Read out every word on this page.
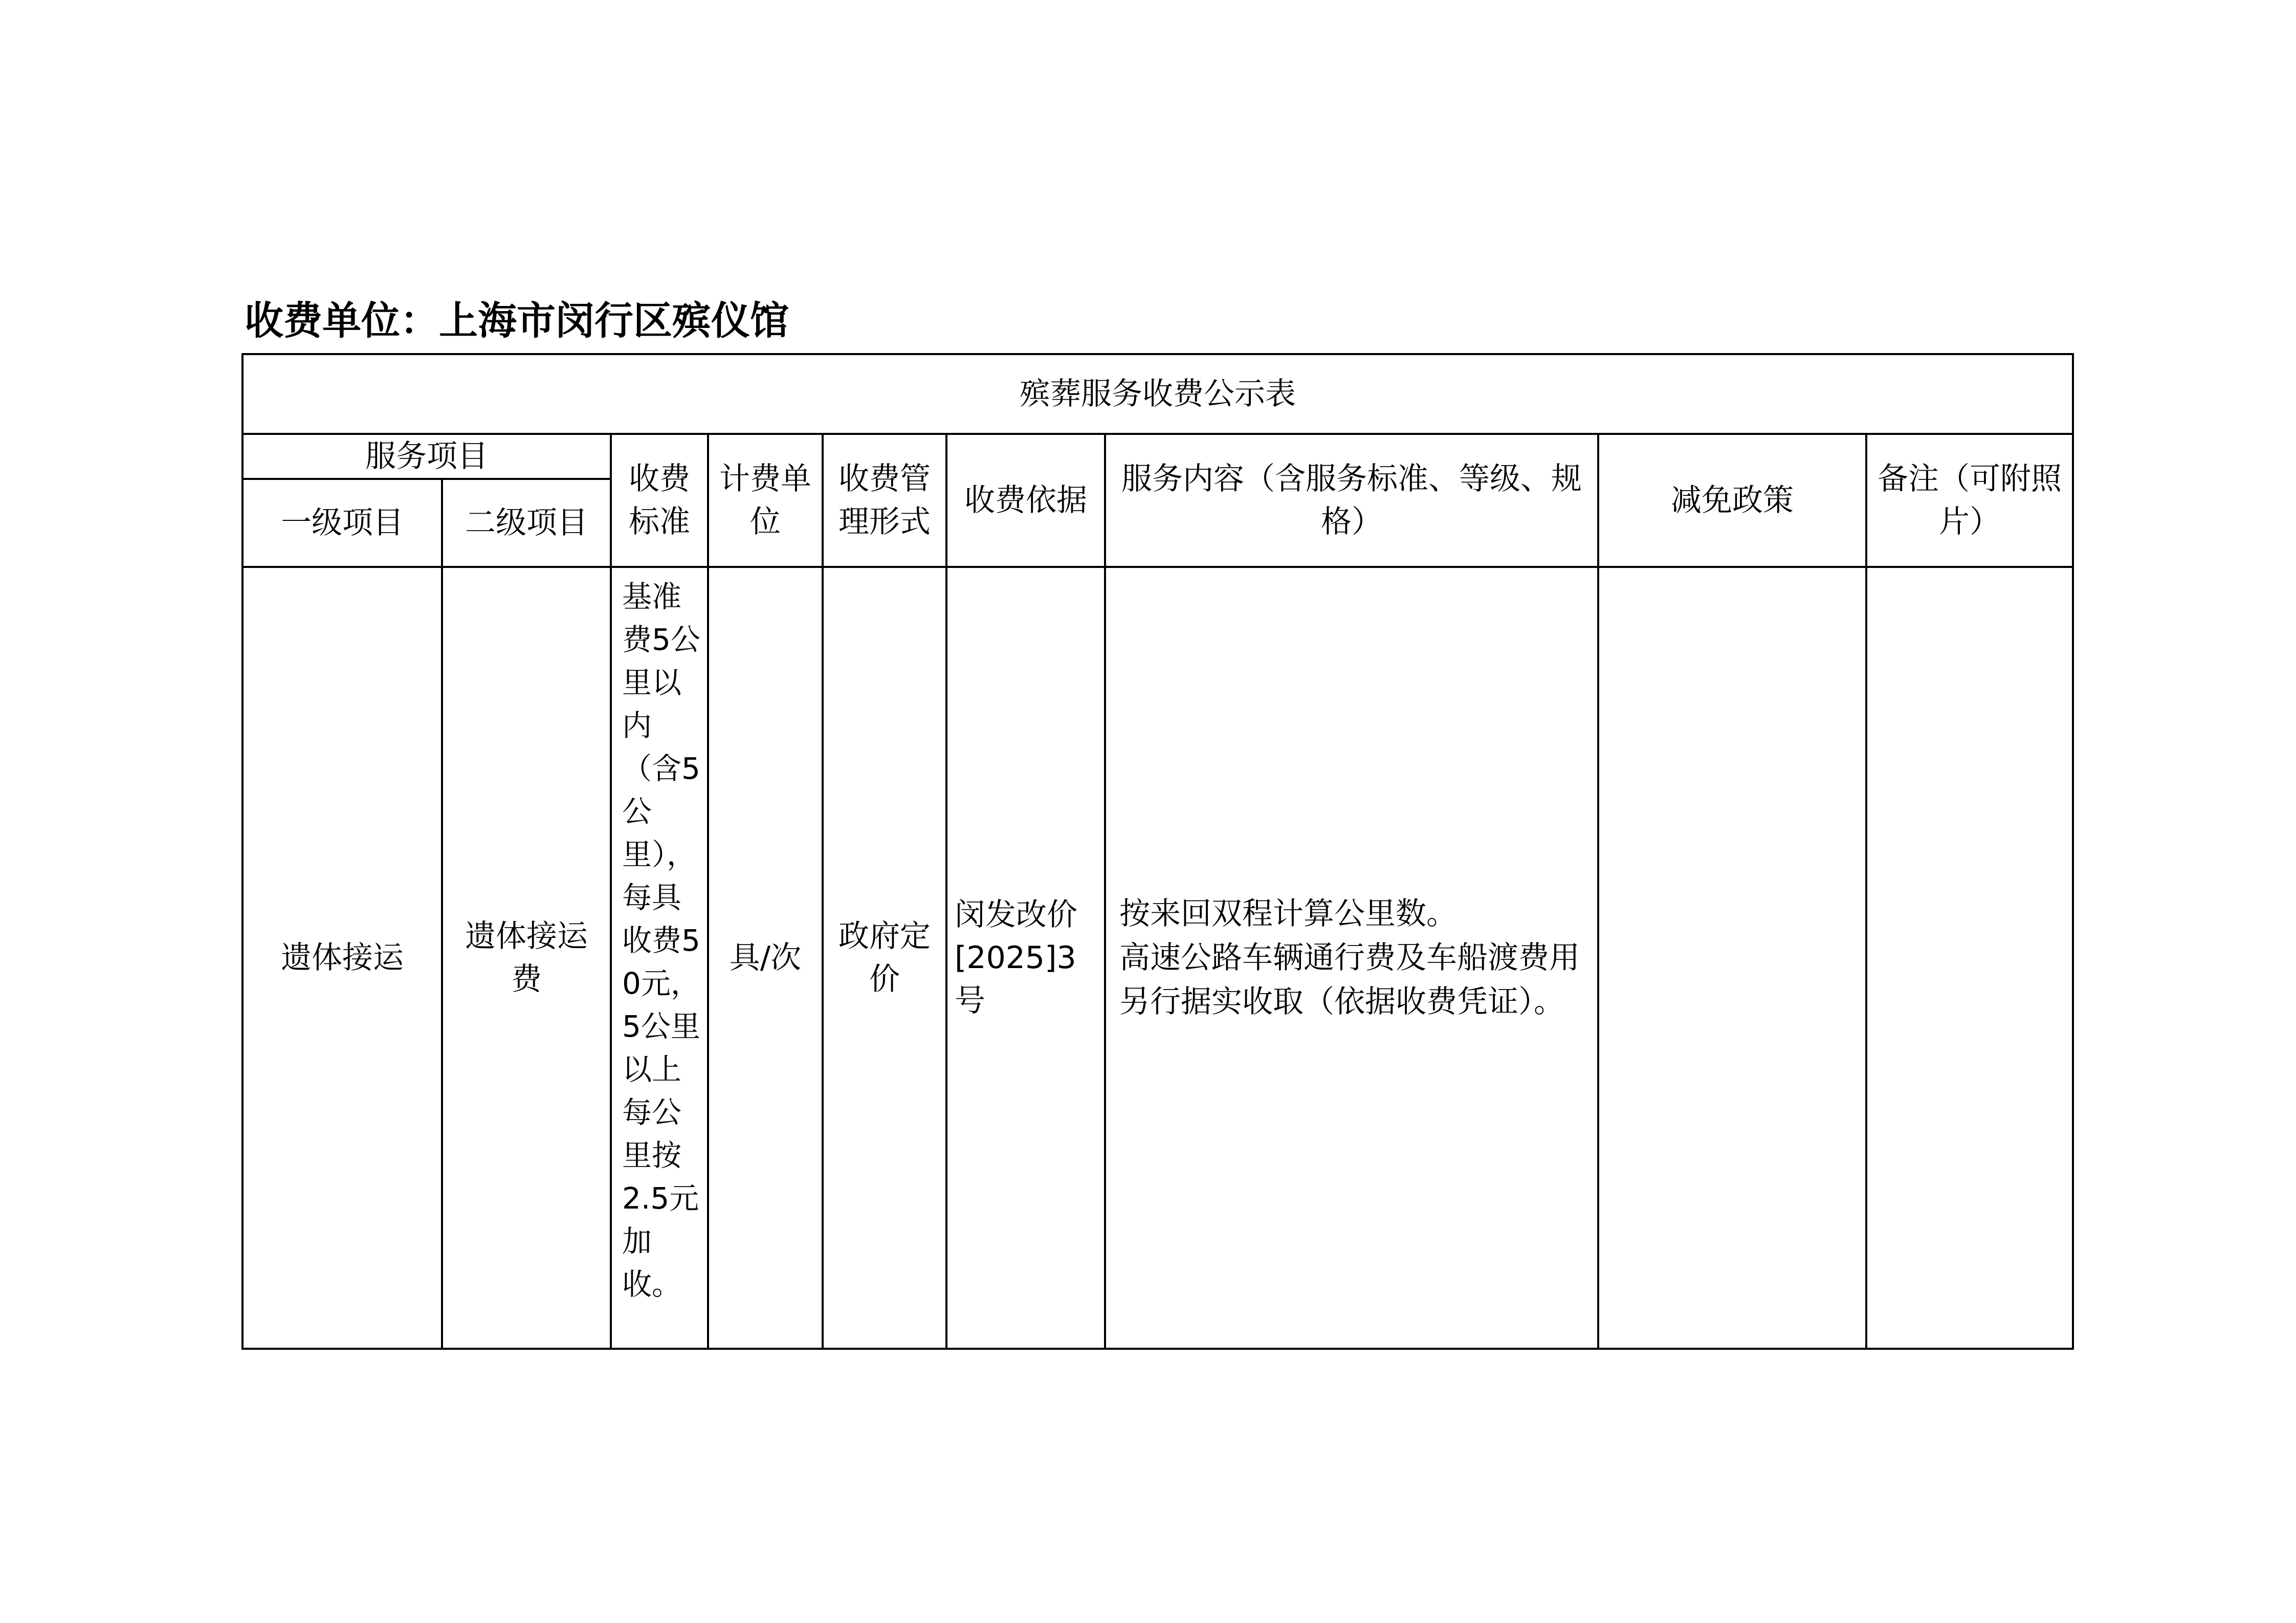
收费单位：上海市闵行区殡仪馆
殡葬服务收费公示表								
服务项目		收费标准	计费单位	收费管理形式	收费依据	服务内容（含服务标准、等级、规格）	减免政策	备注（可附照片）
一级项目	二级项目							
遗体接运	遗体接运费	基准费5公里以内（含5公里），每具收费50元，5公里以上每公里按2.5元加收。	具/次	政府定价	闵发改价[2025]3号	按来回双程计算公里数。
高速公路车辆通行费及车船渡费用另行据实收取（依据收费凭证）。		
